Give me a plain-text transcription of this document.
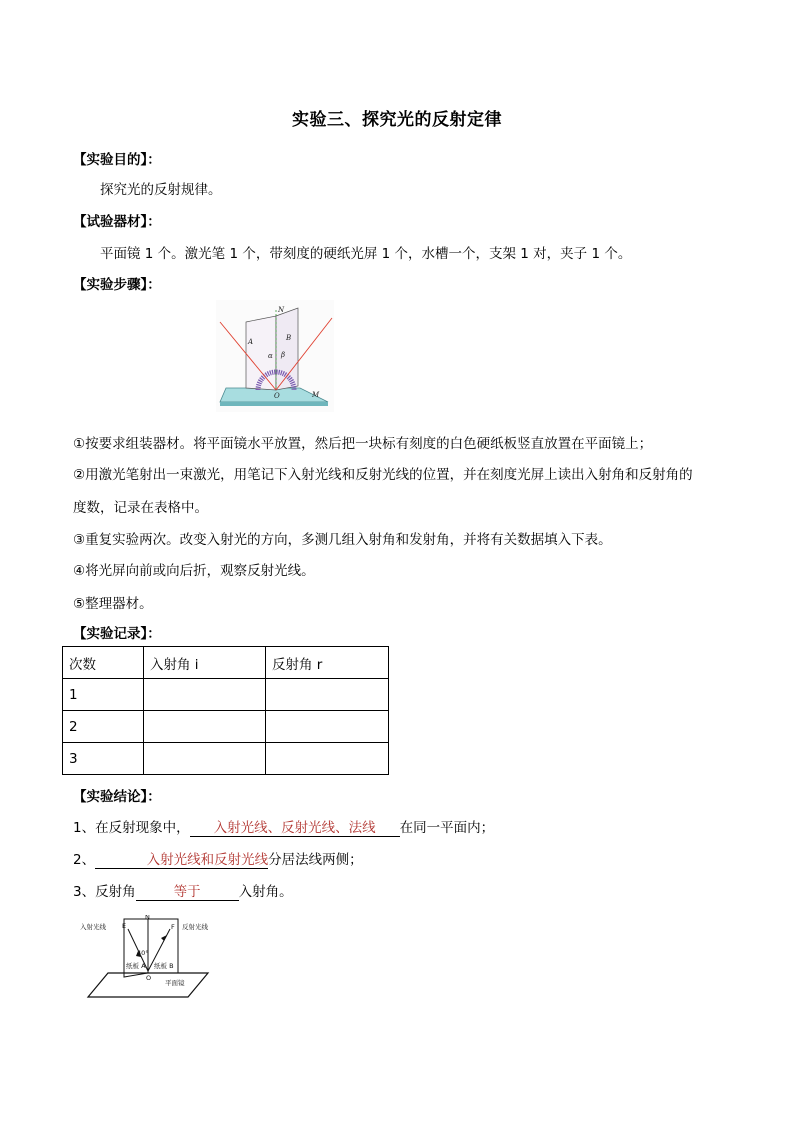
实验三、探究光的反射定律
【实验目的】：
探究光的反射规律。
【试验器材】：
平面镜 1 个。激光笔 1 个，带刻度的硬纸光屏 1 个，水槽一个，支架 1 对，夹子 1 个。
【实验步骤】：
N
A	B
α β
O	M
①按要求组装器材。将平面镜水平放置，然后把一块标有刻度的白色硬纸板竖直放置在平面镜上；
②用激光笔射出一束激光，用笔记下入射光线和反射光线的位置，并在刻度光屏上读出入射角和反射角的
度数，记录在表格中。
③重复实验两次。改变入射光的方向，多测几组入射角和发射角，并将有关数据填入下表。
④将光屏向前或向后折，观察反射光线。
⑤整理器材。
【实验记录】：
次数	入射角 i	反射角 r
1		
2		
3		
【实验结论】：
1、在反射现象中， 入射光线、反射光线、法线 在同一平面内；
2、	入射光线和反射光线分居法线两侧；
3、反射角	等于	入射角。
入射光线	反射光线
E
N
F
40°
纸板 A
O
纸板 B
平面镜
